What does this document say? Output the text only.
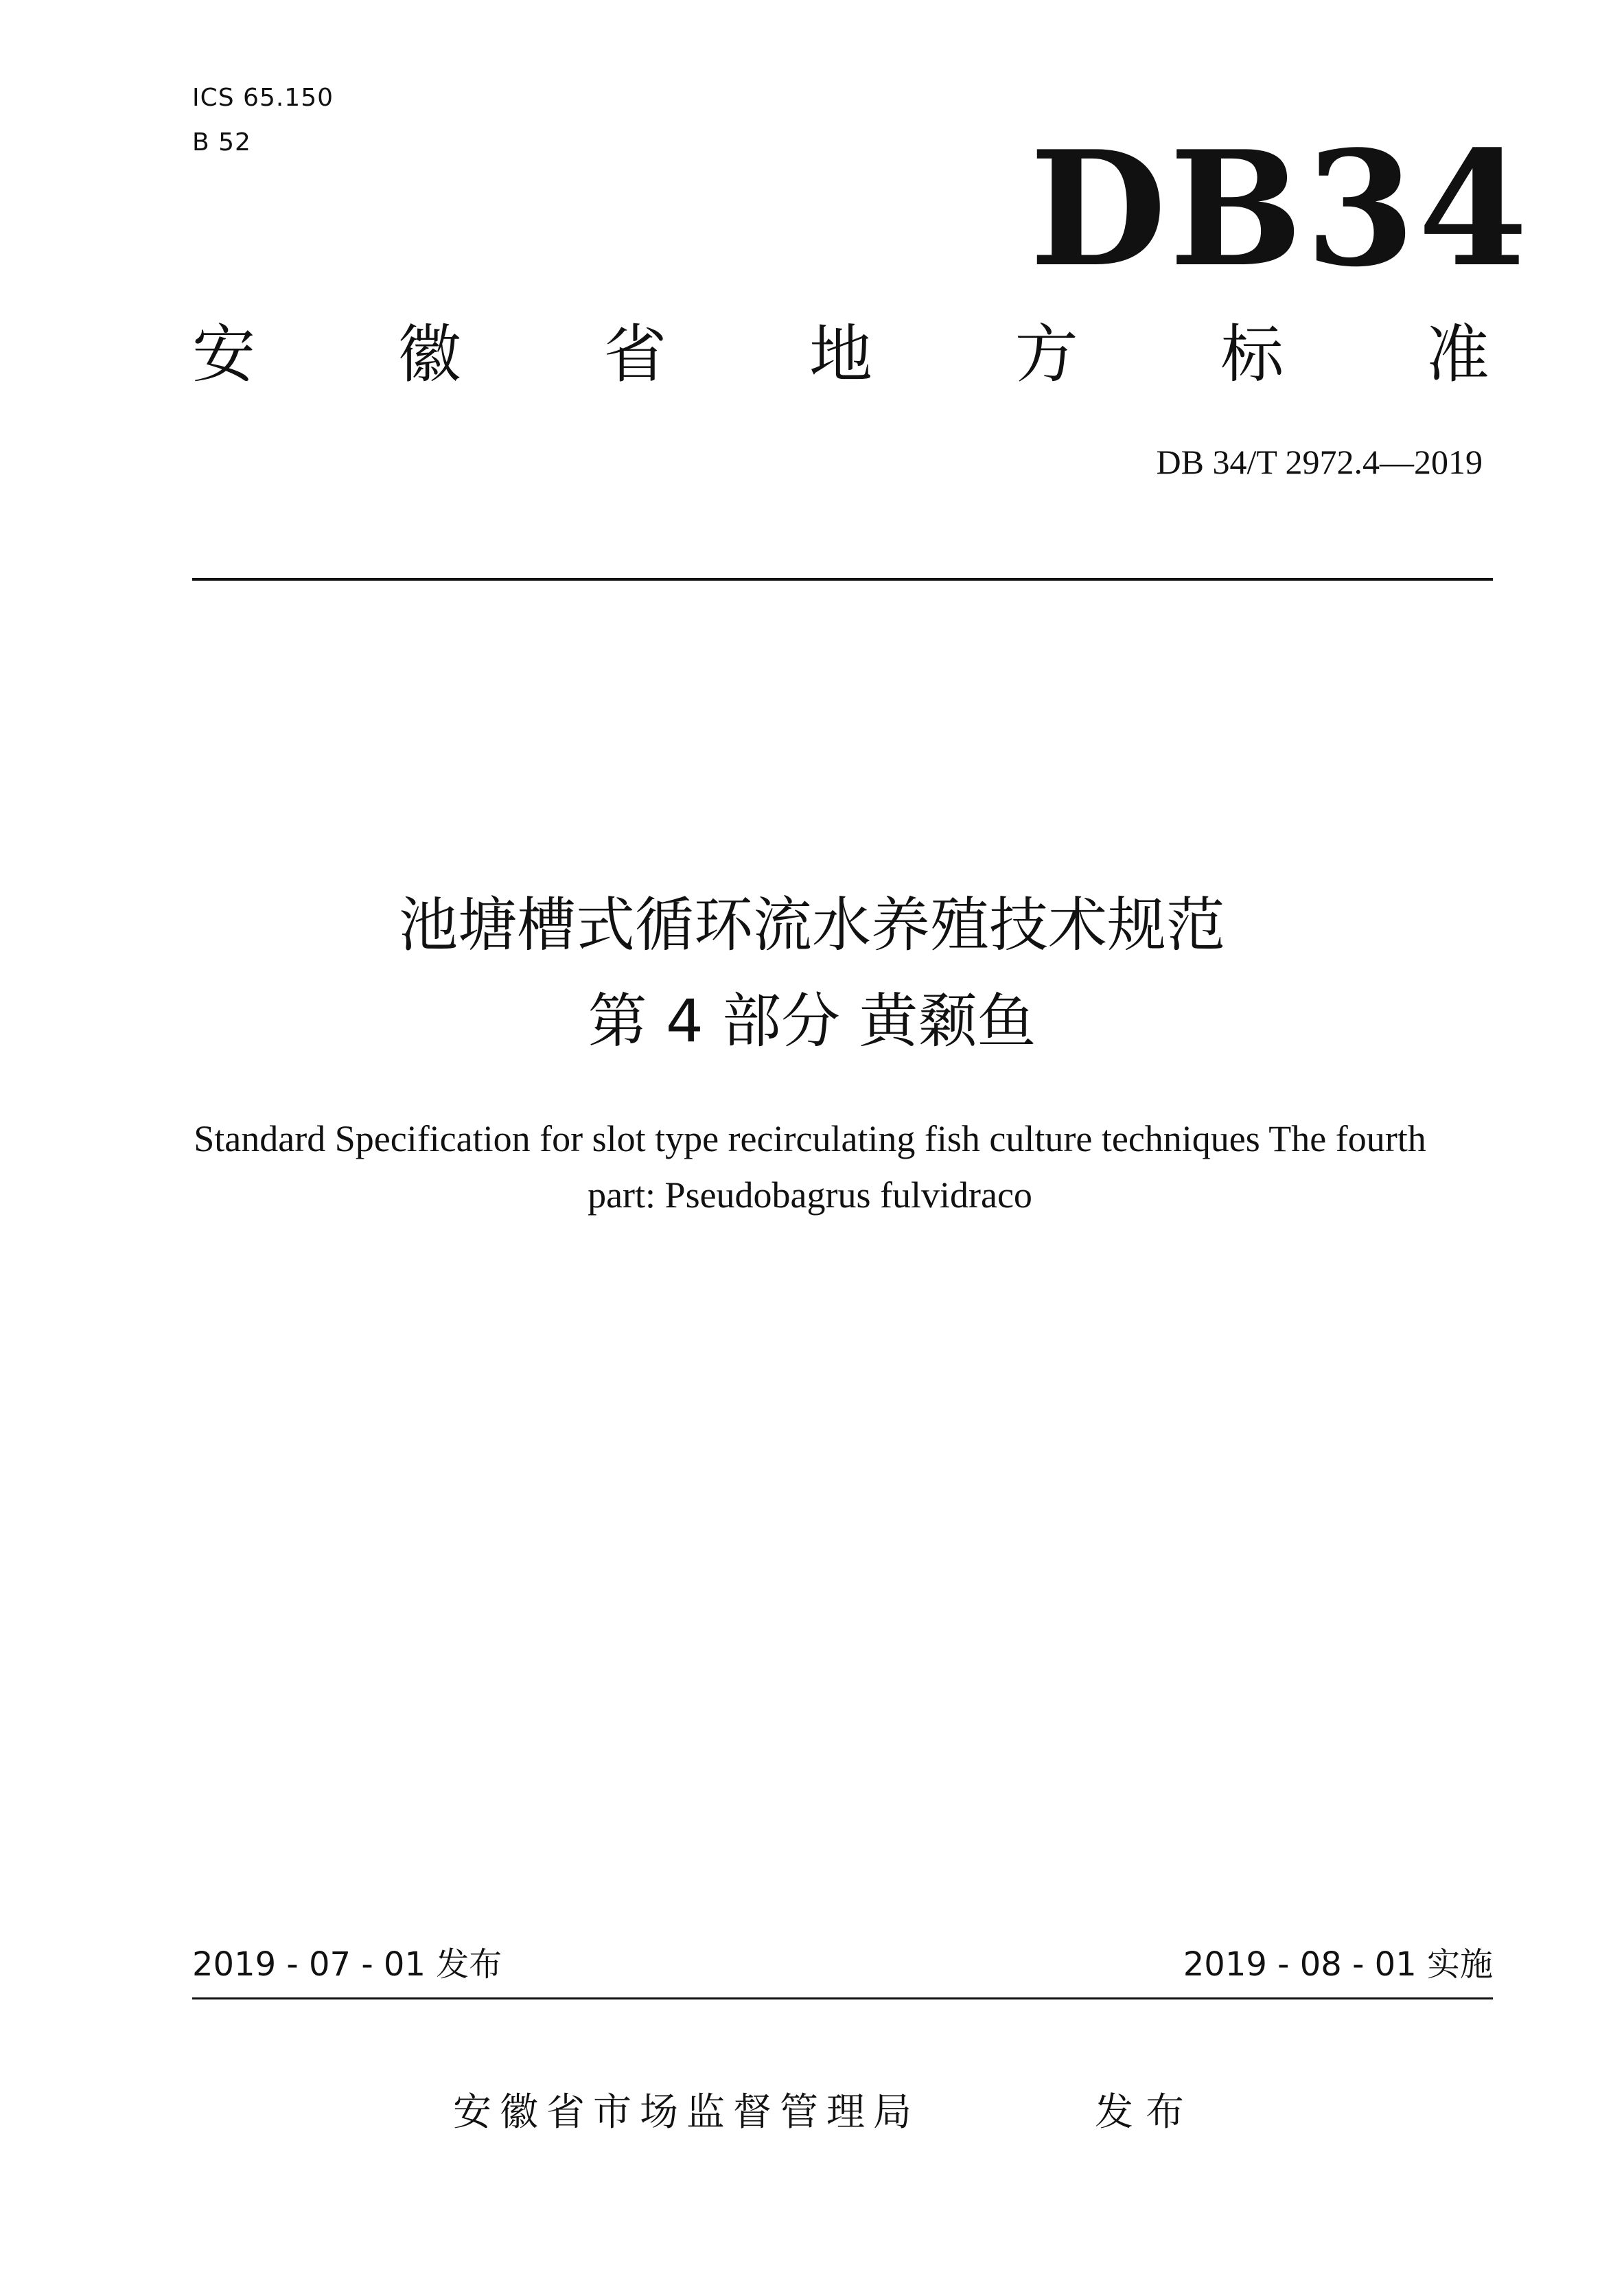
ICS 65.150
B 52	DB34
安 徽 省 地 方 标 准
DB 34/T 2972.4—2019
池塘槽式循环流水养殖技术规范
第 4 部分 黄颡鱼
Standard Specification for slot type recirculating fish culture techniques The fourth
part: Pseudobagrus fulvidraco
2019 - 07 - 01 发布	2019 - 08 - 01 实施
安徽省市场监督管理局	发布
